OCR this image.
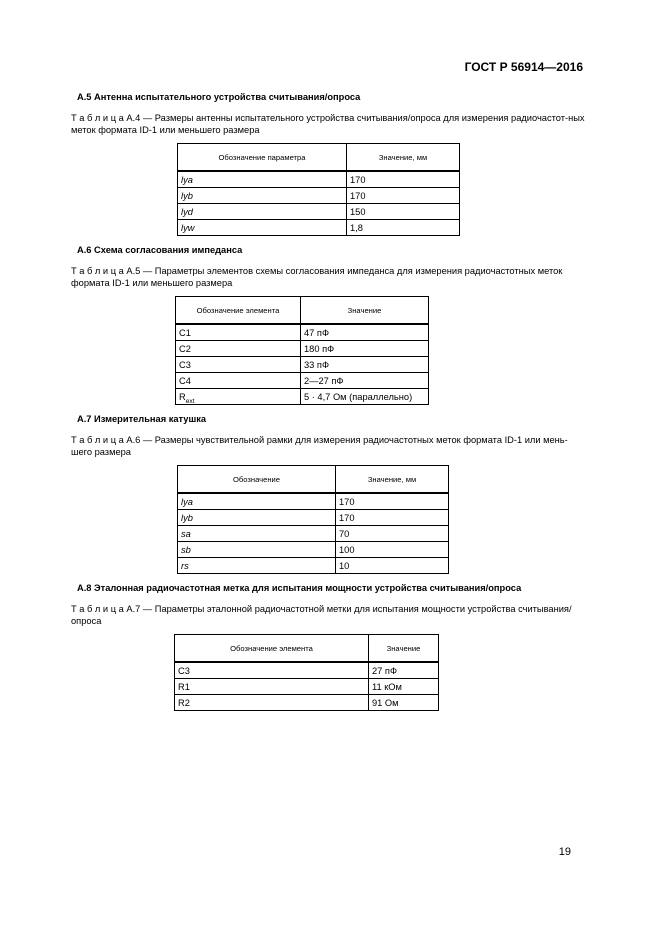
ГОСТ Р 56914—2016
А.5 Антенна испытательного устройства считывания/опроса
Т а б л и ц а А.4 — Размеры антенны испытательного устройства считывания/опроса для измерения радиочастот-ных меток формата ID-1 или меньшего размера
Обозначение параметра	Значение, мм
lya	170
lyb	170
lyd	150
lyw	1,8
А.6 Схема согласования импеданса
Т а б л и ц а А.5 — Параметры элементов схемы согласования импеданса для измерения радиочастотных меток формата ID-1 или меньшего размера
Обозначение элемента	Значение
С1	47 пФ
С2	180 пФ
С3	33 пФ
С4	2—27 пФ
$R_{ext}$	5 · 4,7 Ом (параллельно)
А.7 Измерительная катушка
Т а б л и ц а А.6 — Размеры чувствительной рамки для измерения радиочастотных меток формата ID-1 или мень-шего размера
Обозначение	Значение, мм
lya	170
lyb	170
sa	70
sb	100
rs	10
А.8 Эталонная радиочастотная метка для испытания мощности устройства считывания/опроса
Т а б л и ц а А.7 — Параметры эталонной радиочастотной метки для испытания мощности устройства считывания/опроса
Обозначение элемента	Значение
С3	27 пФ
R1	11 кОм
R2	91 Ом
19
